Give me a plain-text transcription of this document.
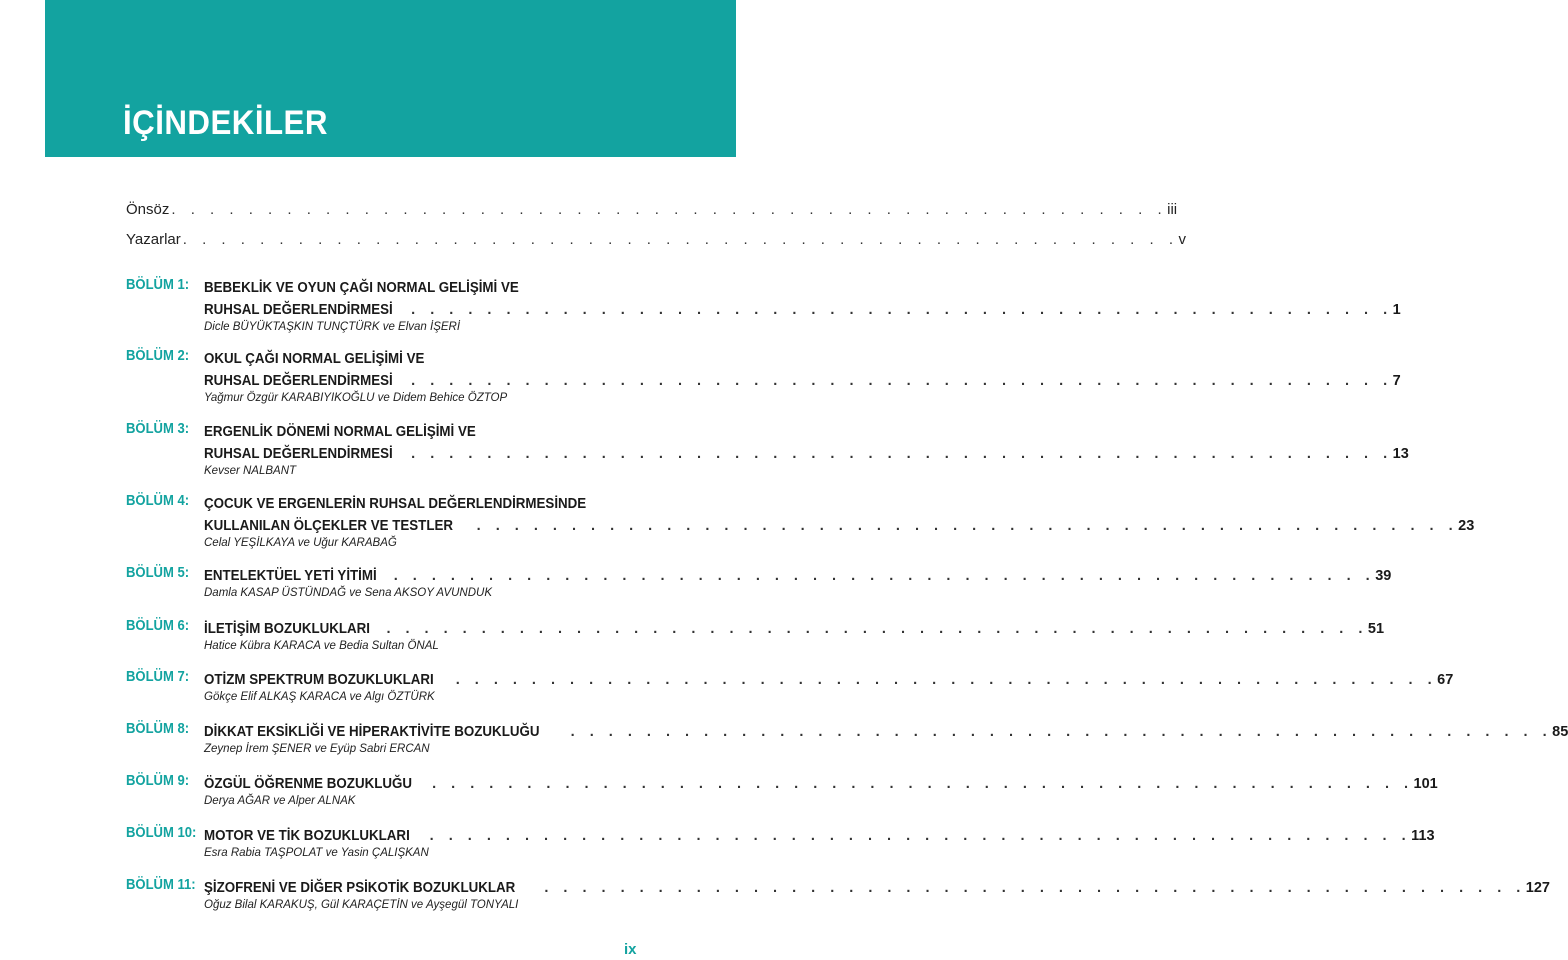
İÇİNDEKİLER
Önsöz . . . . . . . . . . . . . . . . . . . . . . . . . . . . . . . . . . . . . . . . . . . . . . . . . . . . iii
Yazarlar . . . . . . . . . . . . . . . . . . . . . . . . . . . . . . . . . . . . . . . . . . . . . . . . . . . . v
BÖLÜM 1: BEBEKLİK VE OYUN ÇAĞI NORMAL GELİŞİMİ VE
RUHSAL DEĞERLENDİRMESİ . . . . . . . . . . . . . . . . . . . . . . . . . . . . . . . . . . . . . . . . . . . . . . . . . . . . 1
Dicle BÜYÜKTAŞKIN TUNÇTÜRK ve Elvan İŞERİ
BÖLÜM 2: OKUL ÇAĞI NORMAL GELİŞİMİ VE
RUHSAL DEĞERLENDİRMESİ . . . . . . . . . . . . . . . . . . . . . . . . . . . . . . . . . . . . . . . . . . . . . . . . . . . . 7
Yağmur Özgür KARABIYIKOĞLU ve Didem Behice ÖZTOP
BÖLÜM 3: ERGENLİK DÖNEMİ NORMAL GELİŞİMİ VE
RUHSAL DEĞERLENDİRMESİ . . . . . . . . . . . . . . . . . . . . . . . . . . . . . . . . . . . . . . . . . . . . . . . . . . . . 13
Kevser NALBANT
BÖLÜM 4: ÇOCUK VE ERGENLERİN RUHSAL DEĞERLENDİRMESİNDE
KULLANILAN ÖLÇEKLER VE TESTLER . . . . . . . . . . . . . . . . . . . . . . . . . . . . . . . . . . . . . . . . . . . . . . . . . . . . 23
Celal YEŞİLKAYA ve Uğur KARABAĞ
BÖLÜM 5: ENTELEKTÜEL YETİ YİTİMİ . . . . . . . . . . . . . . . . . . . . . . . . . . . . . . . . . . . . . . . . . . . . . . . . . . . . 39
Damla KASAP ÜSTÜNDAĞ ve Sena AKSOY AVUNDUK
BÖLÜM 6: İLETİŞİM BOZUKLUKLARI . . . . . . . . . . . . . . . . . . . . . . . . . . . . . . . . . . . . . . . . . . . . . . . . . . . . 51
Hatice Kübra KARACA ve Bedia Sultan ÖNAL
BÖLÜM 7: OTİZM SPEKTRUM BOZUKLUKLARI . . . . . . . . . . . . . . . . . . . . . . . . . . . . . . . . . . . . . . . . . . . . . . . . . . . . 67
Gökçe Elif ALKAŞ KARACA ve Algı ÖZTÜRK
BÖLÜM 8: DİKKAT EKSİKLİĞİ VE HİPERAKTİVİTE BOZUKLUĞU . . . . . . . . . . . . . . . . . . . . . . . . . . . . . . . . . . . . . . . . . . . . . . . . . . . . 85
Zeynep İrem ŞENER ve Eyüp Sabri ERCAN
BÖLÜM 9: ÖZGÜL ÖĞRENME BOZUKLUĞU . . . . . . . . . . . . . . . . . . . . . . . . . . . . . . . . . . . . . . . . . . . . . . . . . . . . 101
Derya AĞAR ve Alper ALNAK
BÖLÜM 10: MOTOR VE TİK BOZUKLUKLARI . . . . . . . . . . . . . . . . . . . . . . . . . . . . . . . . . . . . . . . . . . . . . . . . . . . . 113
Esra Rabia TAŞPOLAT ve Yasin ÇALIŞKAN
BÖLÜM 11: ŞİZOFRENİ VE DİĞER PSİKOTİK BOZUKLUKLAR . . . . . . . . . . . . . . . . . . . . . . . . . . . . . . . . . . . . . . . . . . . . . . . . . . . . 127
Oğuz Bilal KARAKUŞ, Gül KARAÇETİN ve Ayşegül TONYALI
ix
